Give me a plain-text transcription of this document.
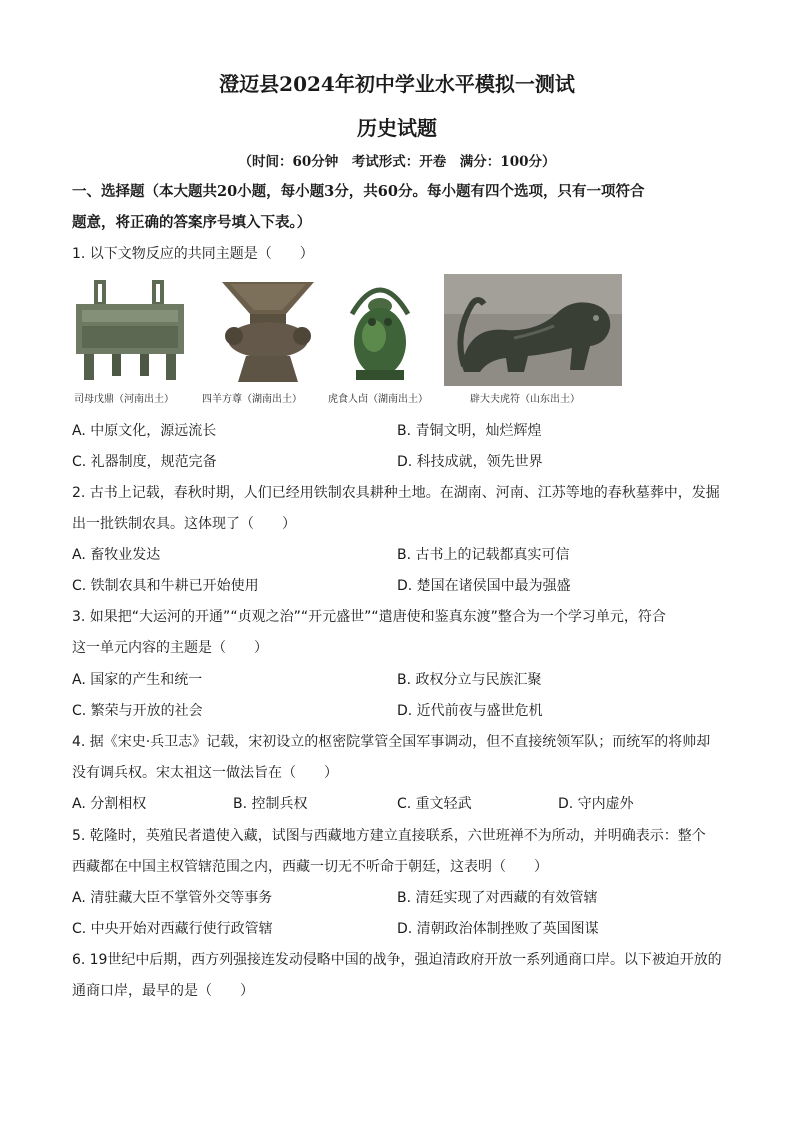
澄迈县2024年初中学业水平模拟一测试
历史试题
（时间：60分钟　考试形式：开卷　满分：100分）
一、选择题（本大题共20小题，每小题3分，共60分。每小题有四个选项，只有一项符合
题意，将正确的答案序号填入下表。）
1. 以下文物反应的共同主题是（　　）
司母戊鼎（河南出土）	四羊方尊（湖南出土）	虎食人卣（湖南出土）	辟大夫虎符（山东出土）
A. 中原文化，源远流长	B. 青铜文明，灿烂辉煌
C. 礼器制度，规范完备	D. 科技成就，领先世界
2. 古书上记载，春秋时期，人们已经用铁制农具耕种土地。在湖南、河南、江苏等地的春秋墓葬中，发掘
出一批铁制农具。这体现了（　　）
A. 畜牧业发达	B. 古书上的记载都真实可信
C. 铁制农具和牛耕已开始使用	D. 楚国在诸侯国中最为强盛
3. 如果把“大运河的开通”“贞观之治”“开元盛世”“遣唐使和鉴真东渡”整合为一个学习单元，符合
这一单元内容的主题是（　　）
A. 国家的产生和统一	B. 政权分立与民族汇聚
C. 繁荣与开放的社会	D. 近代前夜与盛世危机
4. 据《宋史·兵卫志》记载，宋初设立的枢密院掌管全国军事调动，但不直接统领军队；而统军的将帅却
没有调兵权。宋太祖这一做法旨在（　　）
A. 分割相权	B. 控制兵权	C. 重文轻武	D. 守内虚外
5. 乾隆时，英殖民者遣使入藏，试图与西藏地方建立直接联系，六世班禅不为所动，并明确表示：整个
西藏都在中国主权管辖范围之内，西藏一切无不听命于朝廷，这表明（　　）
A. 清驻藏大臣不掌管外交等事务	B. 清廷实现了对西藏的有效管辖
C. 中央开始对西藏行使行政管辖	D. 清朝政治体制挫败了英国图谋
6. 19世纪中后期，西方列强接连发动侵略中国的战争，强迫清政府开放一系列通商口岸。以下被迫开放的
通商口岸，最早的是（　　）
